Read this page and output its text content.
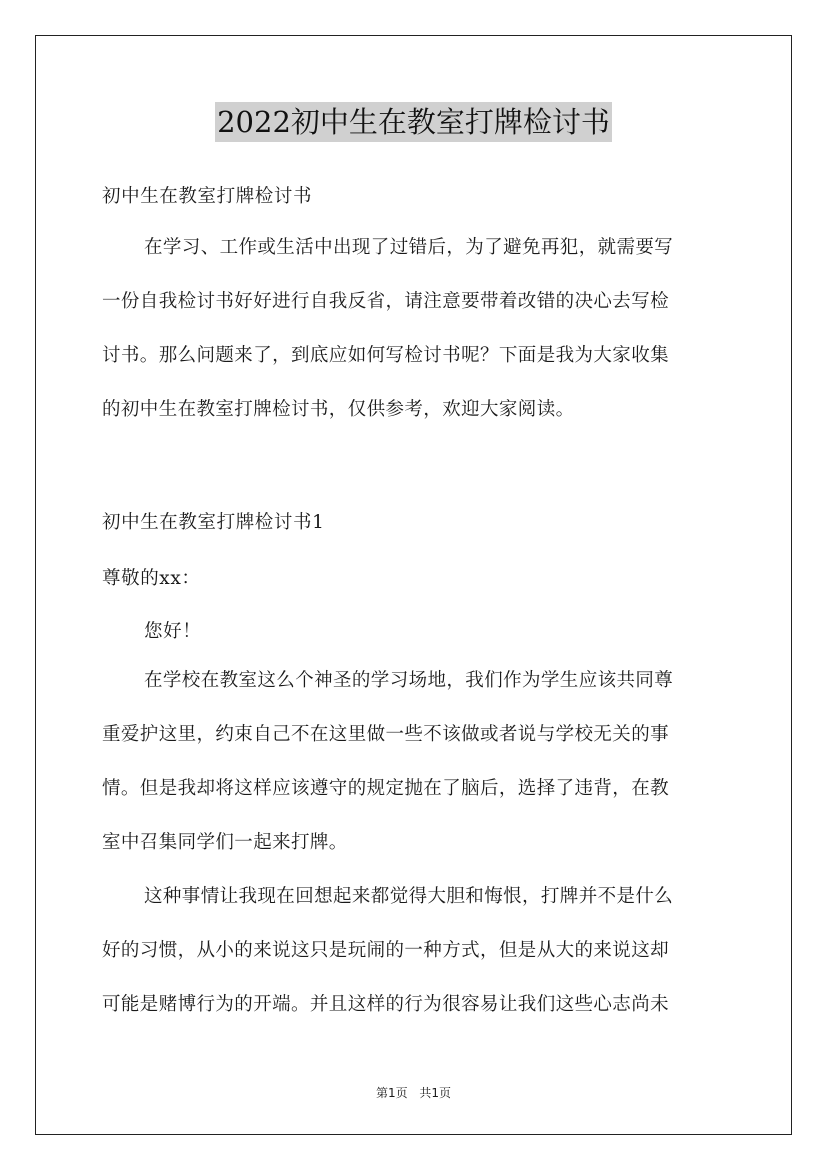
2022初中生在教室打牌检讨书
初中生在教室打牌检讨书
在学习、工作或生活中出现了过错后，为了避免再犯，就需要写
一份自我检讨书好好进行自我反省，请注意要带着改错的决心去写检
讨书。那么问题来了，到底应如何写检讨书呢？下面是我为大家收集
的初中生在教室打牌检讨书，仅供参考，欢迎大家阅读。
初中生在教室打牌检讨书1
尊敬的xx：
您好！
在学校在教室这么个神圣的学习场地，我们作为学生应该共同尊
重爱护这里，约束自己不在这里做一些不该做或者说与学校无关的事
情。但是我却将这样应该遵守的规定抛在了脑后，选择了违背，在教
室中召集同学们一起来打牌。
这种事情让我现在回想起来都觉得大胆和悔恨，打牌并不是什么
好的习惯，从小的来说这只是玩闹的一种方式，但是从大的来说这却
可能是赌博行为的开端。并且这样的行为很容易让我们这些心志尚未
第1页 共1页
